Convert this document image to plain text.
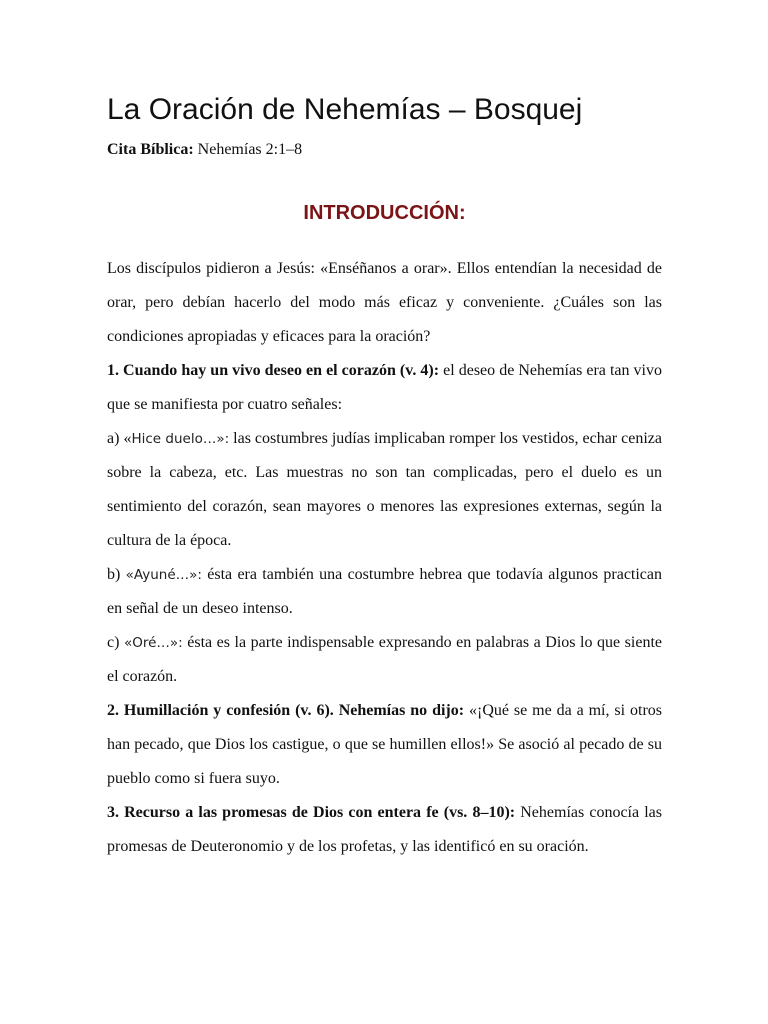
La Oración de Nehemías – Bosquej
Cita Bíblica: Nehemías 2:1–8
INTRODUCCIÓN:

Los discípulos pidieron a Jesús: «Enséñanos a orar». Ellos entendían la necesidad de orar, pero debían hacerlo del modo más eficaz y conveniente. ¿Cuáles son las condiciones apropiadas y eficaces para la oración?

1. Cuando hay un vivo deseo en el corazón (v. 4): el deseo de Nehemías era tan vivo que se manifiesta por cuatro señales:

a) «Hice duelo…»: las costumbres judías implicaban romper los vestidos, echar ceniza sobre la cabeza, etc. Las muestras no son tan complicadas, pero el duelo es un sentimiento del corazón, sean mayores o menores las expresiones externas, según la cultura de la época.

b) «Ayuné…»: ésta era también una costumbre hebrea que todavía algunos practican en señal de un deseo intenso.

c) «Oré…»: ésta es la parte indispensable expresando en palabras a Dios lo que siente el corazón.

2. Humillación y confesión (v. 6). Nehemías no dijo: «¡Qué se me da a mí, si otros han pecado, que Dios los castigue, o que se humillen ellos!» Se asoció al pecado de su pueblo como si fuera suyo.

3. Recurso a las promesas de Dios con entera fe (vs. 8–10): Nehemías conocía las promesas de Deuteronomio y de los profetas, y las identificó en su oración.
